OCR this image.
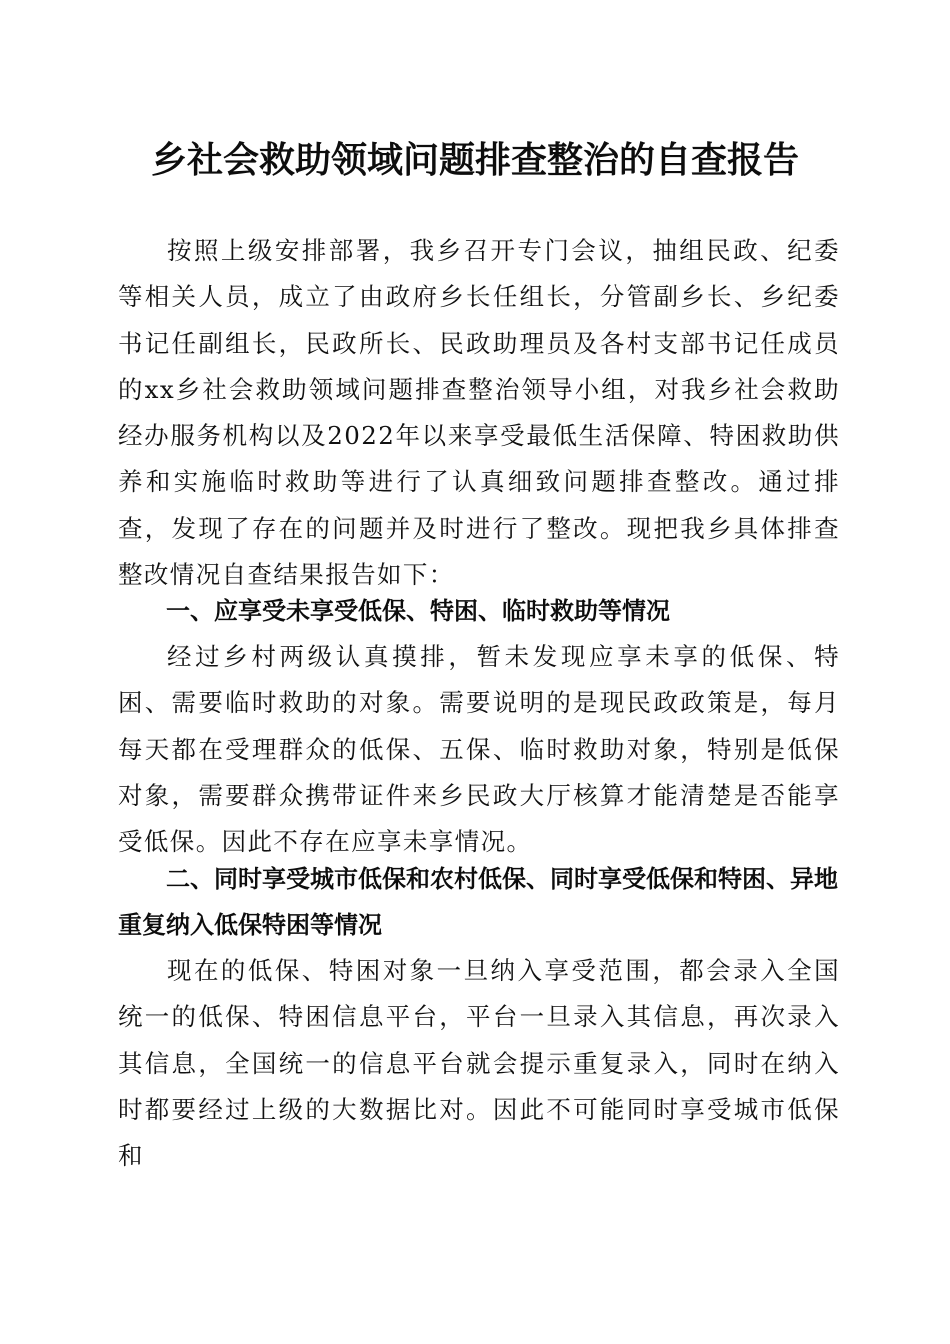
乡社会救助领域问题排查整治的自查报告

按照上级安排部署，我乡召开专门会议，抽组民政、纪委等相关人员，成立了由政府乡长任组长，分管副乡长、乡纪委书记任副组长，民政所长、民政助理员及各村支部书记任成员的xx乡社会救助领域问题排查整治领导小组，对我乡社会救助经办服务机构以及2022年以来享受最低生活保障、特困救助供养和实施临时救助等进行了认真细致问题排查整改。通过排查，发现了存在的问题并及时进行了整改。现把我乡具体排查整改情况自查结果报告如下：

一、应享受未享受低保、特困、临时救助等情况

经过乡村两级认真摸排，暂未发现应享未享的低保、特困、需要临时救助的对象。需要说明的是现民政政策是，每月每天都在受理群众的低保、五保、临时救助对象，特别是低保对象，需要群众携带证件来乡民政大厅核算才能清楚是否能享受低保。因此不存在应享未享情况。

二、同时享受城市低保和农村低保、同时享受低保和特困、异地重复纳入低保特困等情况

现在的低保、特困对象一旦纳入享受范围，都会录入全国统一的低保、特困信息平台，平台一旦录入其信息，再次录入其信息，全国统一的信息平台就会提示重复录入，同时在纳入时都要经过上级的大数据比对。因此不可能同时享受城市低保和
